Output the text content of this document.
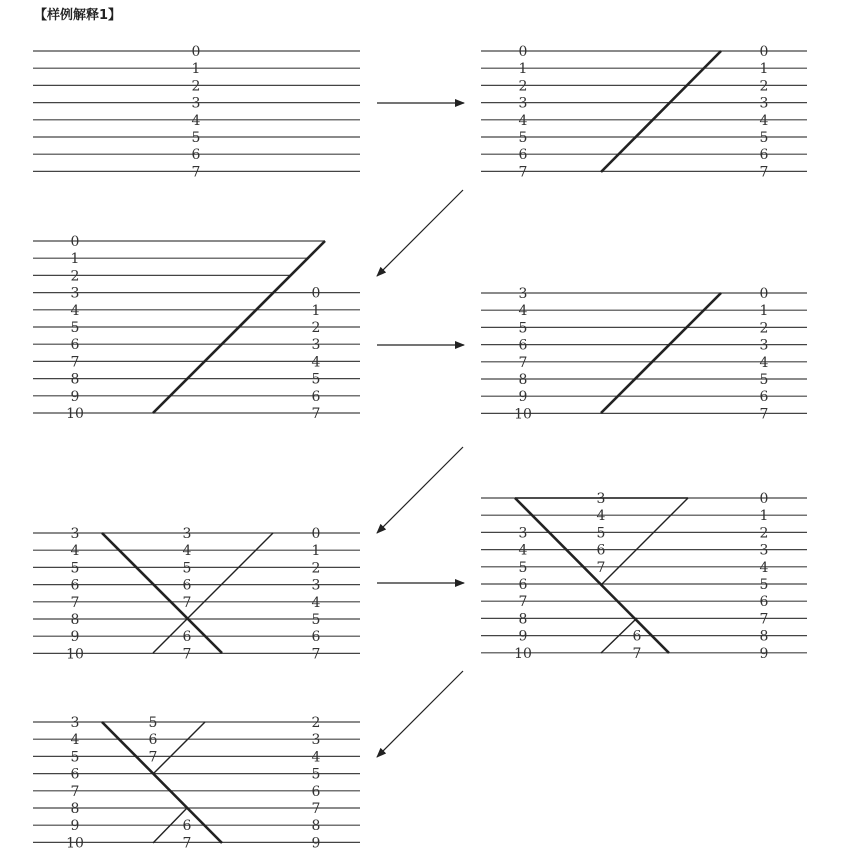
【样例解释1】
0
1
2
3
4
5
6
7
0	0
1	1
2	2
3	3
4	4
5	5
6	6
7	7
0
1
2
3	0
4	1
5	2
6	3
7	4
8	5
9	6
10	7
3	0
4	1
5	2
6	3
7	4
8	5
9	6
10	7
3	3	0
4	4	1
5	5	2
6	6	3
7	7	4
8	5
9	6	6
10	7	7
3	0
4	1
3	5	2
4	6	3
5	7	4
6	5
7	6
8	7
9	6	8
10	7	9
3	5	2
4	6	3
5	7	4
6	5
7	6
8	7
9	6	8
10	7	9
